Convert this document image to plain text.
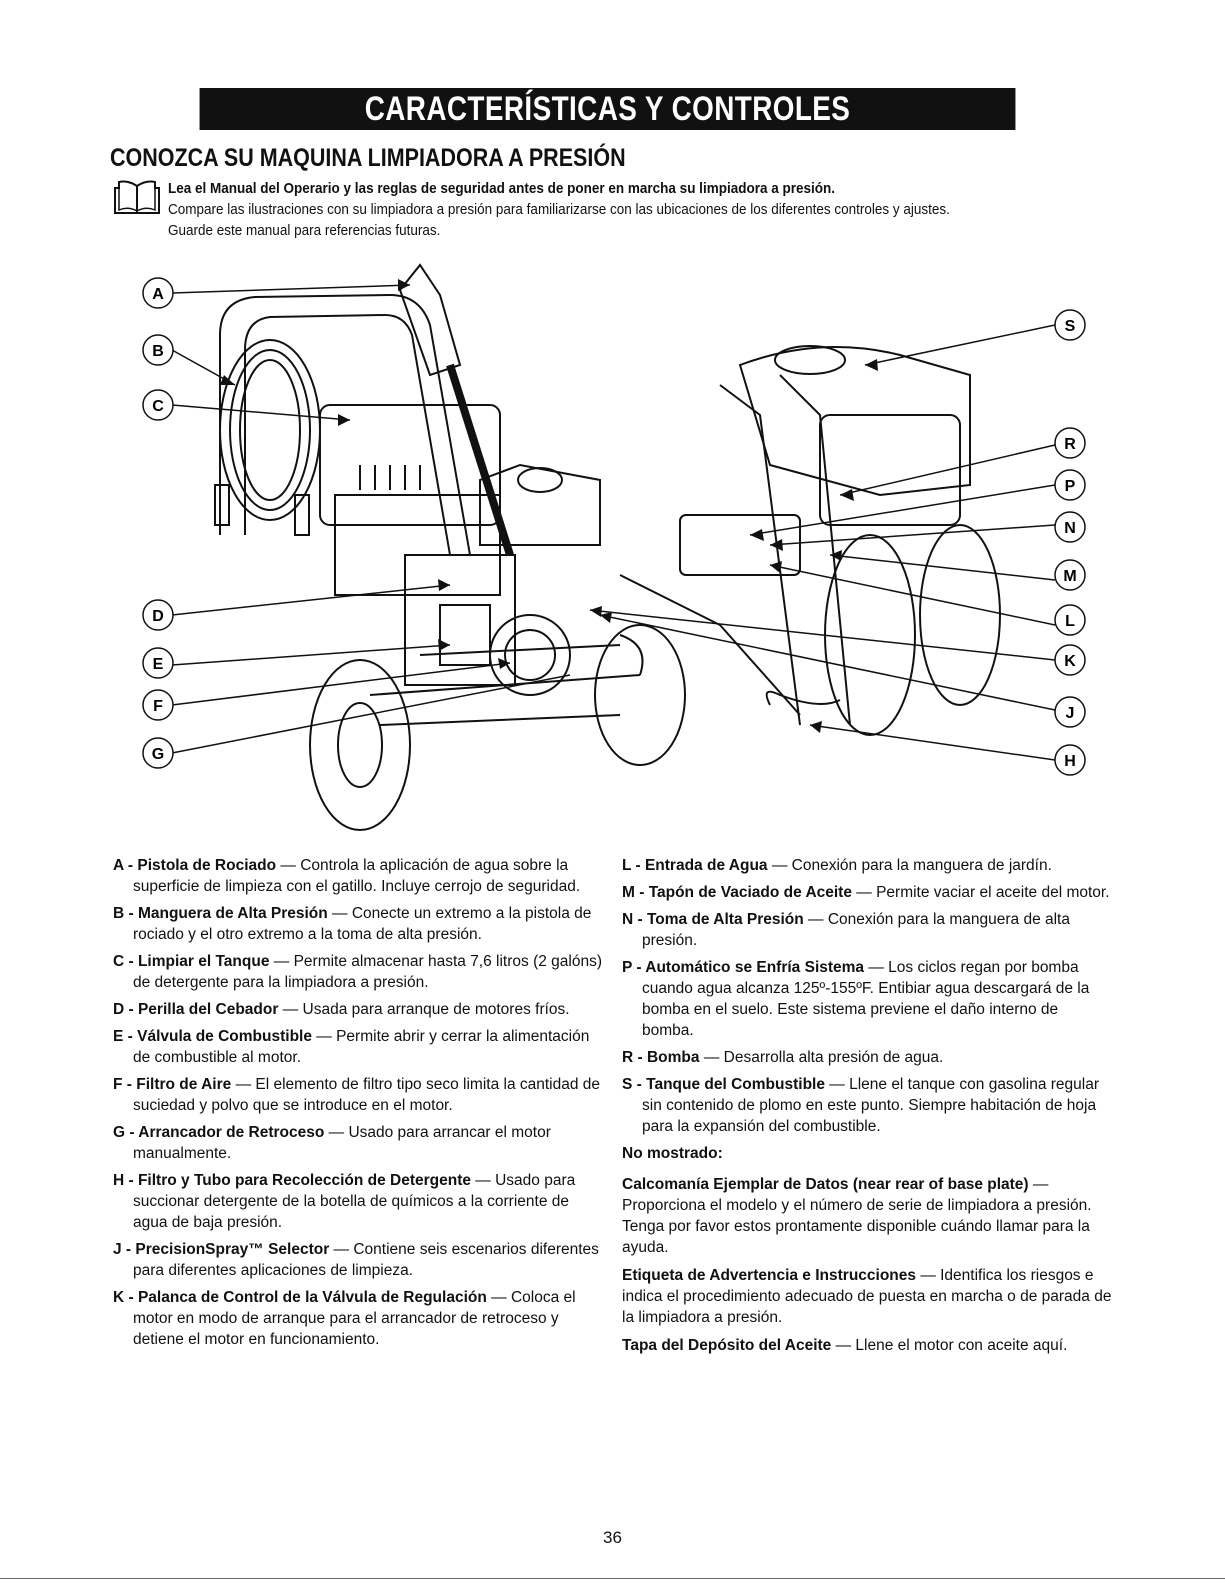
CARACTERÍSTICAS Y CONTROLES
CONOZCA SU MAQUINA LIMPIADORA A PRESIÓN

Lea el Manual del Operario y las reglas de seguridad antes de poner en marcha su limpiadora a presión.

Compare las ilustraciones con su limpiadora a presión para familiarizarse con las ubicaciones de los diferentes controles y ajustes.

Guarde este manual para referencias futuras.

A
B
C
D
E
F
G
S
R
P
N
M
L
K
J
H

A - Pistola de Rociado — Controla la aplicación de agua sobre la superficie de limpieza con el gatillo. Incluye cerrojo de seguridad.

B - Manguera de Alta Presión — Conecte un extremo a la pistola de rociado y el otro extremo a la toma de alta presión.

C - Limpiar el Tanque — Permite almacenar hasta 7,6 litros (2 galóns) de detergente para la limpiadora a presión.

D - Perilla del Cebador — Usada para arranque de motores fríos.

E - Válvula de Combustible — Permite abrir y cerrar la alimentación de combustible al motor.

F - Filtro de Aire — El elemento de filtro tipo seco limita la cantidad de suciedad y polvo que se introduce en el motor.

G - Arrancador de Retroceso — Usado para arrancar el motor manualmente.

H - Filtro y Tubo para Recolección de Detergente — Usado para succionar detergente de la botella de químicos a la corriente de agua de baja presión.

J - PrecisionSpray™ Selector — Contiene seis escenarios diferentes para diferentes aplicaciones de limpieza.

K - Palanca de Control de la Válvula de Regulación — Coloca el motor en modo de arranque para el arrancador de retroceso y detiene el motor en funcionamiento.

L - Entrada de Agua — Conexión para la manguera de jardín.

M - Tapón de Vaciado de Aceite — Permite vaciar el aceite del motor.

N - Toma de Alta Presión — Conexión para la manguera de alta presión.

P - Automático se Enfría Sistema — Los ciclos regan por bomba cuando agua alcanza 125º-155ºF. Entibiar agua descargará de la bomba en el suelo. Este sistema previene el daño interno de bomba.

R - Bomba — Desarrolla alta presión de agua.

S - Tanque del Combustible — Llene el tanque con gasolina regular sin contenido de plomo en este punto. Siempre habitación de hoja para la expansión del combustible.

No mostrado:

Calcomanía Ejemplar de Datos (near rear of base plate) — Proporciona el modelo y el número de serie de limpiadora a presión. Tenga por favor estos prontamente disponible cuándo llamar para la ayuda.

Etiqueta de Advertencia e Instrucciones — Identifica los riesgos e indica el procedimiento adecuado de puesta en marcha o de parada de la limpiadora a presión.

Tapa del Depósito del Aceite — Llene el motor con aceite aquí.

36
